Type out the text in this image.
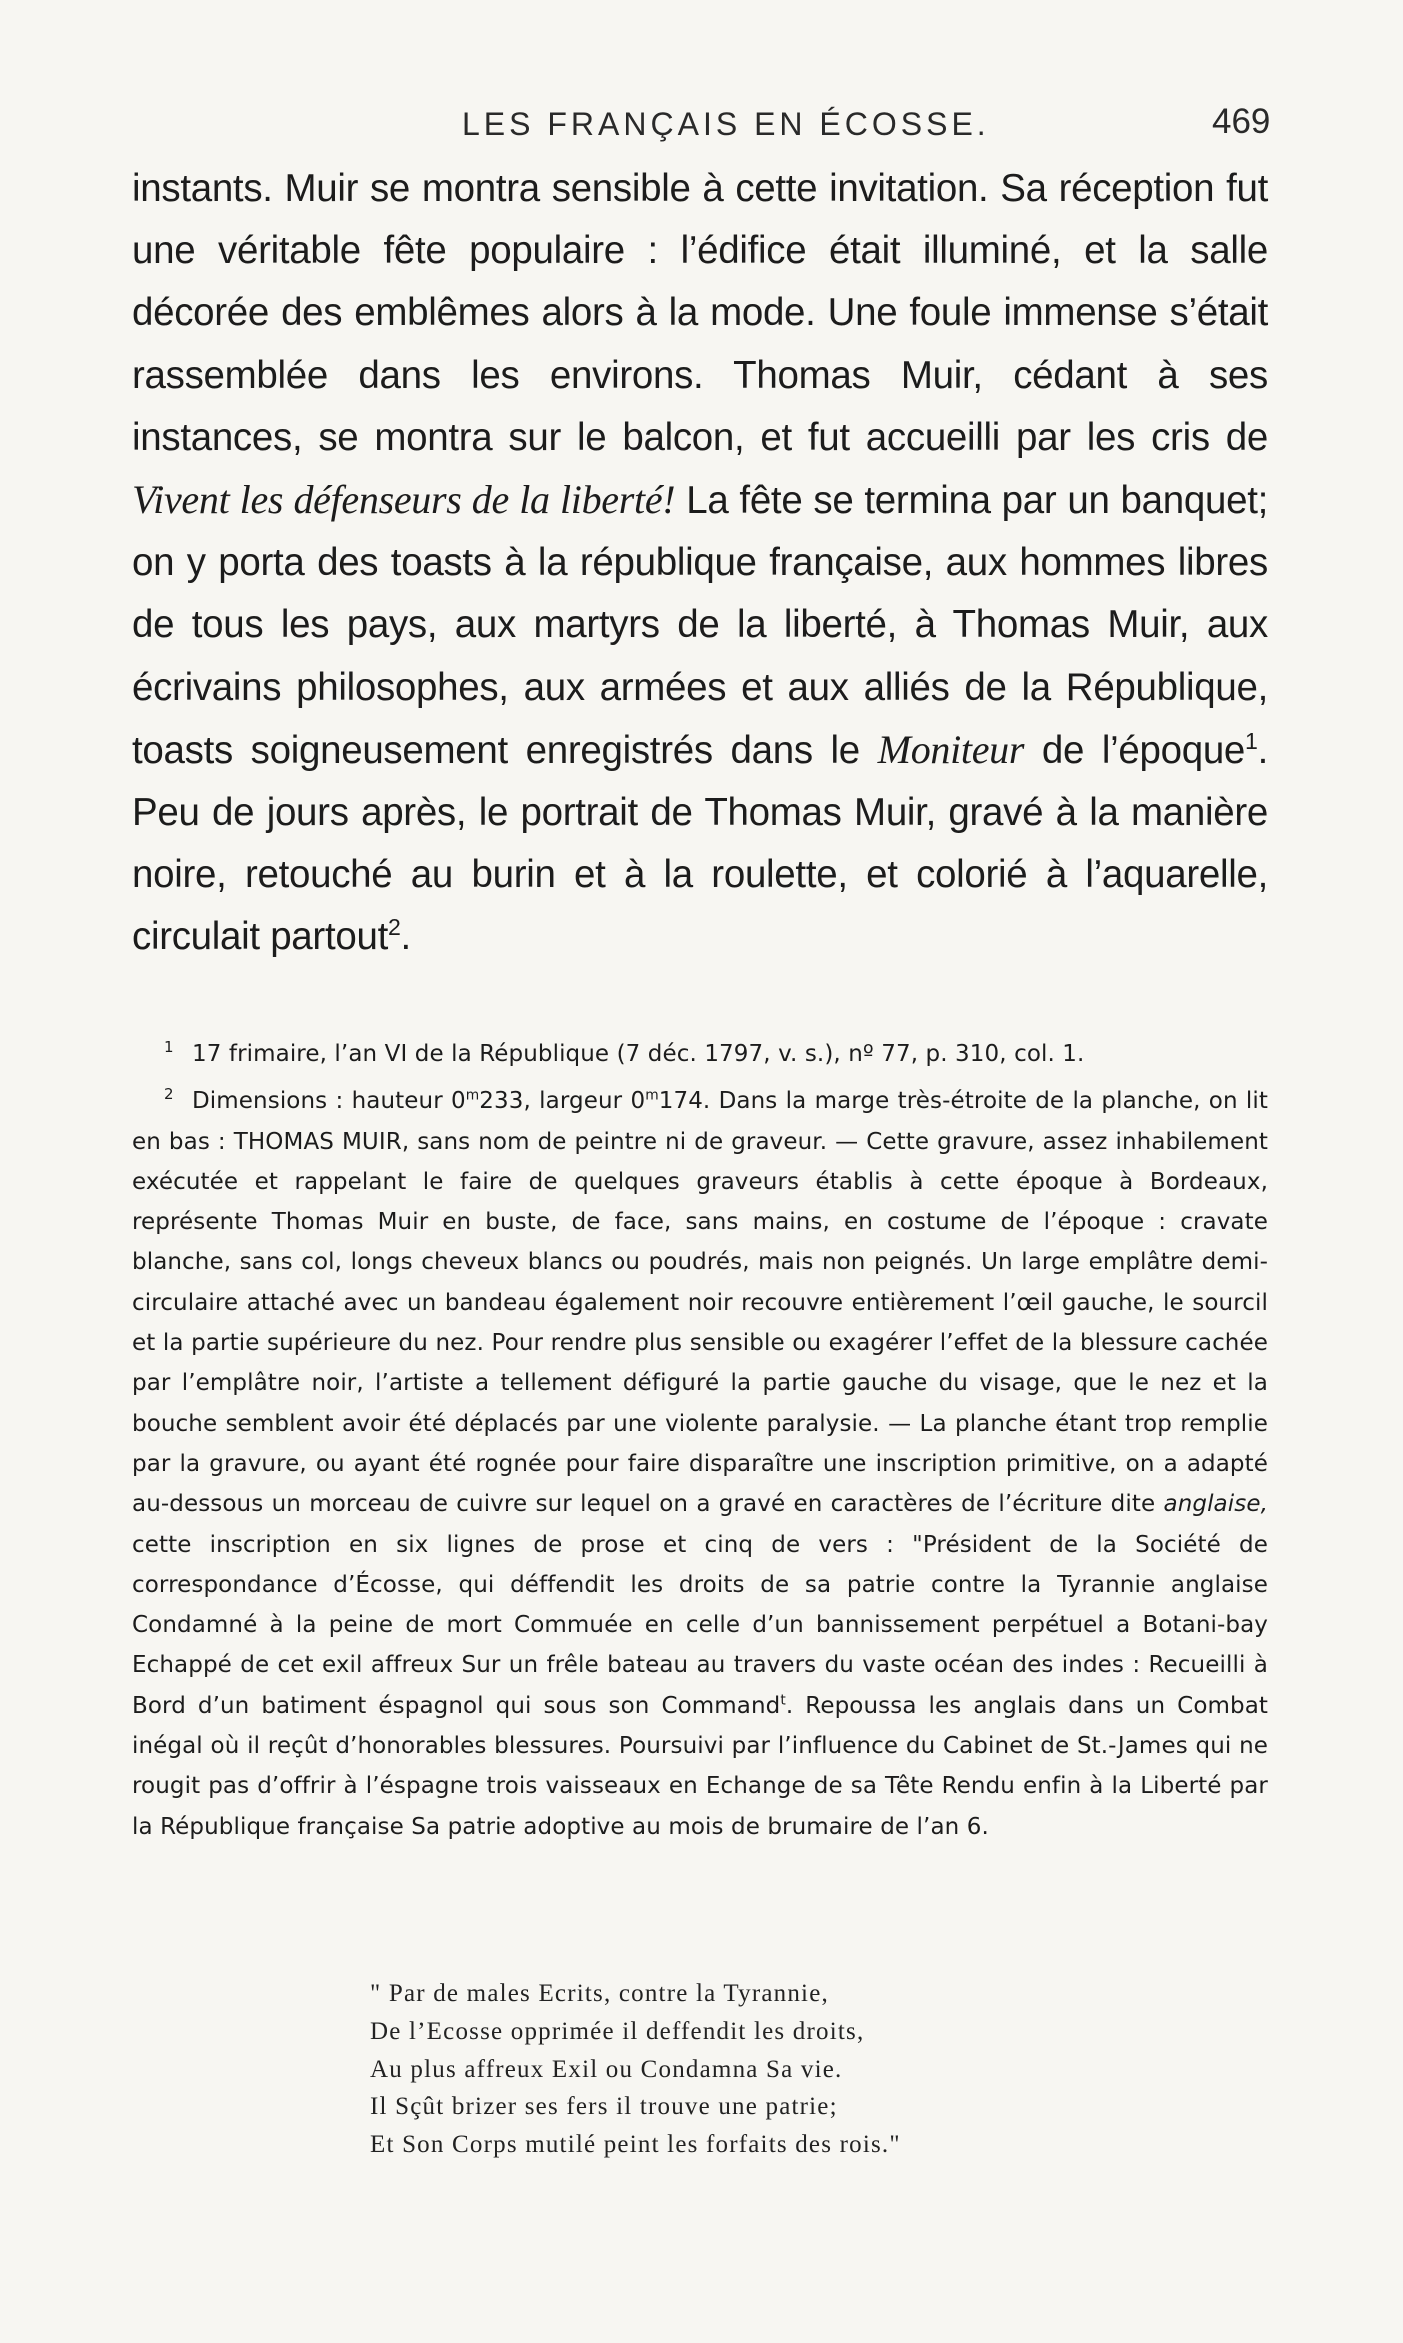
LES FRANÇAIS EN ÉCOSSE.	469

instants. Muir se montra sensible à cette invitation. Sa réception fut une véritable fête populaire : l’édifice était illuminé, et la salle décorée des emblêmes alors à la mode. Une foule immense s’était rassemblée dans les environs. Thomas Muir, cédant à ses instances, se montra sur le balcon, et fut accueilli par les cris de Vivent les défenseurs de la liberté! La fête se termina par un banquet; on y porta des toasts à la république française, aux hommes libres de tous les pays, aux martyrs de la liberté, à Thomas Muir, aux écrivains philosophes, aux armées et aux alliés de la République, toasts soigneusement enregistrés dans le Moniteur de l’époque$^1$. Peu de jours après, le portrait de Thomas Muir, gravé à la manière noire, retouché au burin et à la roulette, et colorié à l’aquarelle, circulait partout$^2$.

1 17 frimaire, l’an VI de la République (7 déc. 1797, v. s.), nº 77, p. 310, col. 1.

2 Dimensions : hauteur 0$^m$233, largeur 0$^m$174. Dans la marge très-étroite de la planche, on lit en bas : THOMAS MUIR, sans nom de peintre ni de graveur. — Cette gravure, assez inhabilement exécutée et rappelant le faire de quelques graveurs établis à cette époque à Bordeaux, représente Thomas Muir en buste, de face, sans mains, en costume de l’époque : cravate blanche, sans col, longs cheveux blancs ou poudrés, mais non peignés. Un large emplâtre demi-circulaire attaché avec un bandeau également noir recouvre entièrement l’œil gauche, le sourcil et la partie supérieure du nez. Pour rendre plus sensible ou exagérer l’effet de la blessure cachée par l’emplâtre noir, l’artiste a tellement défiguré la partie gauche du visage, que le nez et la bouche semblent avoir été déplacés par une violente paralysie. — La planche étant trop remplie par la gravure, ou ayant été rognée pour faire disparaître une inscription primitive, on a adapté au-dessous un morceau de cuivre sur lequel on a gravé en caractères de l’écriture dite anglaise, cette inscription en six lignes de prose et cinq de vers : "Président de la Société de correspondance d’Écosse, qui déffendit les droits de sa patrie contre la Tyrannie anglaise Condamné à la peine de mort Commuée en celle d’un bannissement perpétuel a Botani-bay Echappé de cet exil affreux Sur un frêle bateau au travers du vaste océan des indes : Recueilli à Bord d’un batiment éspagnol qui sous son Command$^t$. Repoussa les anglais dans un Combat inégal où il reçût d’honorables blessures. Poursuivi par l’influence du Cabinet de St.-James qui ne rougit pas d’offrir à l’éspagne trois vaisseaux en Echange de sa Tête Rendu enfin à la Liberté par la République française Sa patrie adoptive au mois de brumaire de l’an 6.

" Par de males Ecrits, contre la Tyrannie,
De l’Ecosse opprimée il deffendit les droits,
Au plus affreux Exil ou Condamna Sa vie.
Il Sçût brizer ses fers il trouve une patrie;
Et Son Corps mutilé peint les forfaits des rois."
